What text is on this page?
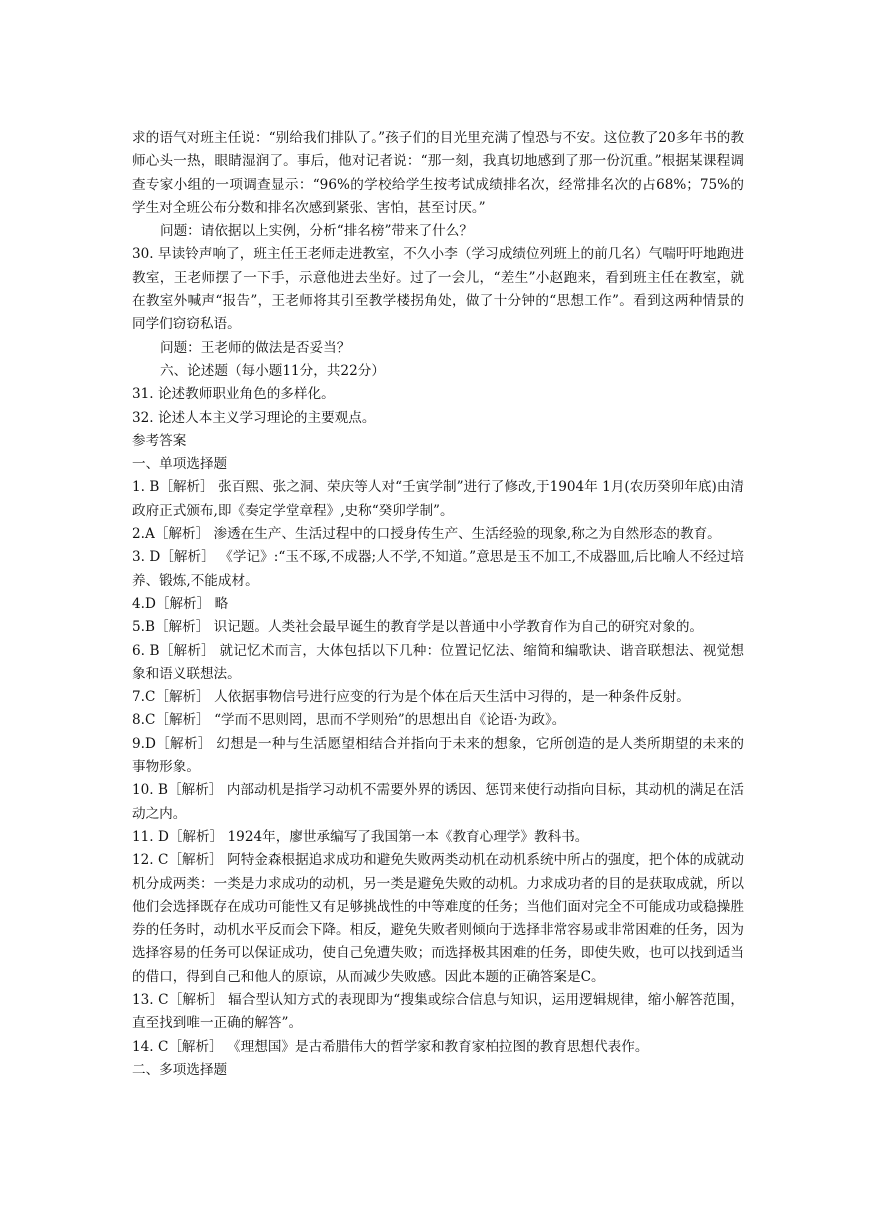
求的语气对班主任说：“别给我们排队了。”孩子们的目光里充满了惶恐与不安。这位教了20多年书的教师心头一热，眼睛湿润了。事后，他对记者说：“那一刻，我真切地感到了那一份沉重。”根据某课程调查专家小组的一项调查显示：“96%的学校给学生按考试成绩排名次，经常排名次的占68%；75%的学生对全班公布分数和排名次感到紧张、害怕，甚至讨厌。”

问题：请依据以上实例，分析“排名榜”带来了什么？

30. 早读铃声响了，班主任王老师走进教室，不久小李（学习成绩位列班上的前几名）气喘吁吁地跑进教室，王老师摆了一下手，示意他进去坐好。过了一会儿，“差生”小赵跑来，看到班主任在教室，就在教室外喊声“报告”，王老师将其引至教学楼拐角处，做了十分钟的“思想工作”。看到这两种情景的同学们窃窃私语。

问题：王老师的做法是否妥当？

六、论述题（每小题11分，共22分）

31. 论述教师职业角色的多样化。

32. 论述人本主义学习理论的主要观点。

参考答案

一、单项选择题

1. B［解析］ 张百熙、张之洞、荣庆等人对“壬寅学制”进行了修改,于1904年 1月(农历癸卯年底)由清政府正式颁布,即《奏定学堂章程》,史称“癸卯学制”。

2.A［解析］ 渗透在生产、生活过程中的口授身传生产、生活经验的现象,称之为自然形态的教育。

3. D［解析］ 《学记》:“玉不琢,不成器;人不学,不知道。”意思是玉不加工,不成器皿,后比喻人不经过培养、锻炼,不能成材。

4.D［解析］ 略

5.B［解析］ 识记题。人类社会最早诞生的教育学是以普通中小学教育作为自己的研究对象的。

6. B［解析］ 就记忆术而言，大体包括以下几种：位置记忆法、缩简和编歌诀、谐音联想法、视觉想象和语义联想法。

7.C［解析］ 人依据事物信号进行应变的行为是个体在后天生活中习得的，是一种条件反射。

8.C［解析］ “学而不思则罔，思而不学则殆”的思想出自《论语·为政》。

9.D［解析］ 幻想是一种与生活愿望相结合并指向于未来的想象，它所创造的是人类所期望的未来的事物形象。

10. B［解析］ 内部动机是指学习动机不需要外界的诱因、惩罚来使行动指向目标，其动机的满足在活动之内。

11. D［解析］ 1924年，廖世承编写了我国第一本《教育心理学》教科书。

12. C［解析］ 阿特金森根据追求成功和避免失败两类动机在动机系统中所占的强度，把个体的成就动机分成两类：一类是力求成功的动机，另一类是避免失败的动机。力求成功者的目的是获取成就，所以他们会选择既存在成功可能性又有足够挑战性的中等难度的任务；当他们面对完全不可能成功或稳操胜券的任务时，动机水平反而会下降。相反，避免失败者则倾向于选择非常容易或非常困难的任务，因为选择容易的任务可以保证成功，使自己免遭失败；而选择极其困难的任务，即使失败，也可以找到适当的借口，得到自己和他人的原谅，从而减少失败感。因此本题的正确答案是C。

13. C［解析］ 辐合型认知方式的表现即为“搜集或综合信息与知识，运用逻辑规律，缩小解答范围，直至找到唯一正确的解答”。

14. C［解析］ 《理想国》是古希腊伟大的哲学家和教育家柏拉图的教育思想代表作。

二、多项选择题
